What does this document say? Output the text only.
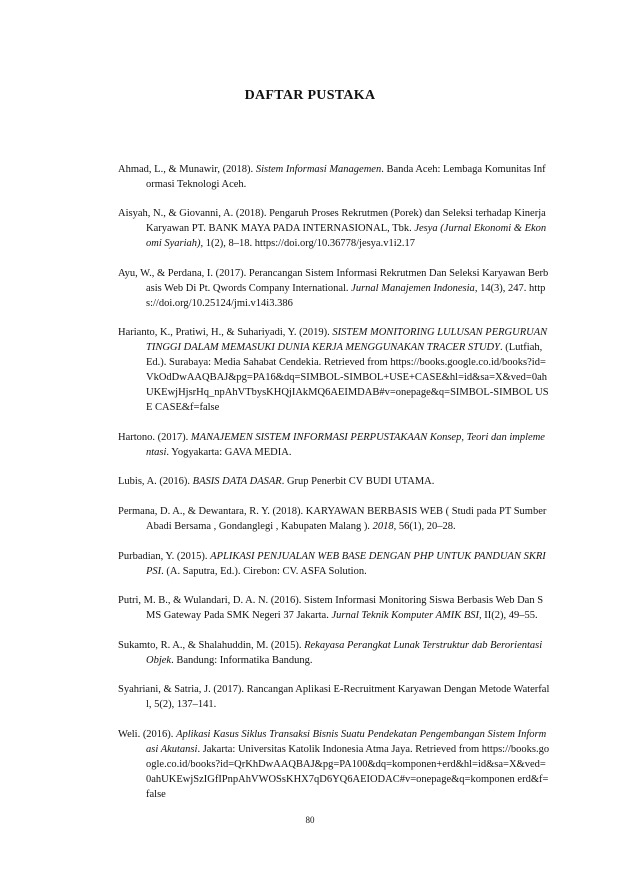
DAFTAR PUSTAKA

Ahmad, L., & Munawir, (2018). Sistem Informasi Managemen. Banda Aceh: Lembaga Komunitas Informasi Teknologi Aceh.

Aisyah, N., & Giovanni, A. (2018). Pengaruh Proses Rekrutmen (Porek) dan Seleksi terhadap Kinerja Karyawan PT. BANK MAYA PADA INTERNASIONAL, Tbk. Jesya (Jurnal Ekonomi & Ekonomi Syariah), 1(2), 8–18. https://doi.org/10.36778/jesya.v1i2.17

Ayu, W., & Perdana, I. (2017). Perancangan Sistem Informasi Rekrutmen Dan Seleksi Karyawan Berbasis Web Di Pt. Qwords Company International. Jurnal Manajemen Indonesia, 14(3), 247. https://doi.org/10.25124/jmi.v14i3.386

Harianto, K., Pratiwi, H., & Suhariyadi, Y. (2019). SISTEM MONITORING LULUSAN PERGURUAN TINGGI DALAM MEMASUKI DUNIA KERJA MENGGUNAKAN TRACER STUDY. (Lutfiah, Ed.). Surabaya: Media Sahabat Cendekia. Retrieved from https://books.google.co.id/books?id=VkOdDwAAQBAJ&pg=PA16&dq=SIMBOL-SIMBOL+USE+CASE&hl=id&sa=X&ved=0ahUKEwjHjsrHq_npAhVTbysKHQjIAkMQ6AEIMDAB#v=onepage&q=SIMBOL-SIMBOL USE CASE&f=false

Hartono. (2017). MANAJEMEN SISTEM INFORMASI PERPUSTAKAAN Konsep, Teori dan implementasi. Yogyakarta: GAVA MEDIA.

Lubis, A. (2016). BASIS DATA DASAR. Grup Penerbit CV BUDI UTAMA.

Permana, D. A., & Dewantara, R. Y. (2018). KARYAWAN BERBASIS WEB ( Studi pada PT Sumber Abadi Bersama , Gondanglegi , Kabupaten Malang ). 2018, 56(1), 20–28.

Purbadian, Y. (2015). APLIKASI PENJUALAN WEB BASE DENGAN PHP UNTUK PANDUAN SKRIPSI. (A. Saputra, Ed.). Cirebon: CV. ASFA Solution.

Putri, M. B., & Wulandari, D. A. N. (2016). Sistem Informasi Monitoring Siswa Berbasis Web Dan SMS Gateway Pada SMK Negeri 37 Jakarta. Jurnal Teknik Komputer AMIK BSI, II(2), 49–55.

Sukamto, R. A., & Shalahuddin, M. (2015). Rekayasa Perangkat Lunak Terstruktur dab Berorientasi Objek. Bandung: Informatika Bandung.

Syahriani, & Satria, J. (2017). Rancangan Aplikasi E-Recruitment Karyawan Dengan Metode Waterfall, 5(2), 137–141.

Weli. (2016). Aplikasi Kasus Siklus Transaksi Bisnis Suatu Pendekatan Pengembangan Sistem Informasi Akutansi. Jakarta: Universitas Katolik Indonesia Atma Jaya. Retrieved from https://books.google.co.id/books?id=QrKhDwAAQBAJ&pg=PA100&dq=komponen+erd&hl=id&sa=X&ved=0ahUKEwjSzIGfIPnpAhVWOSsKHX7qD6YQ6AEIODAC#v=onepage&q=komponen erd&f=false

80
